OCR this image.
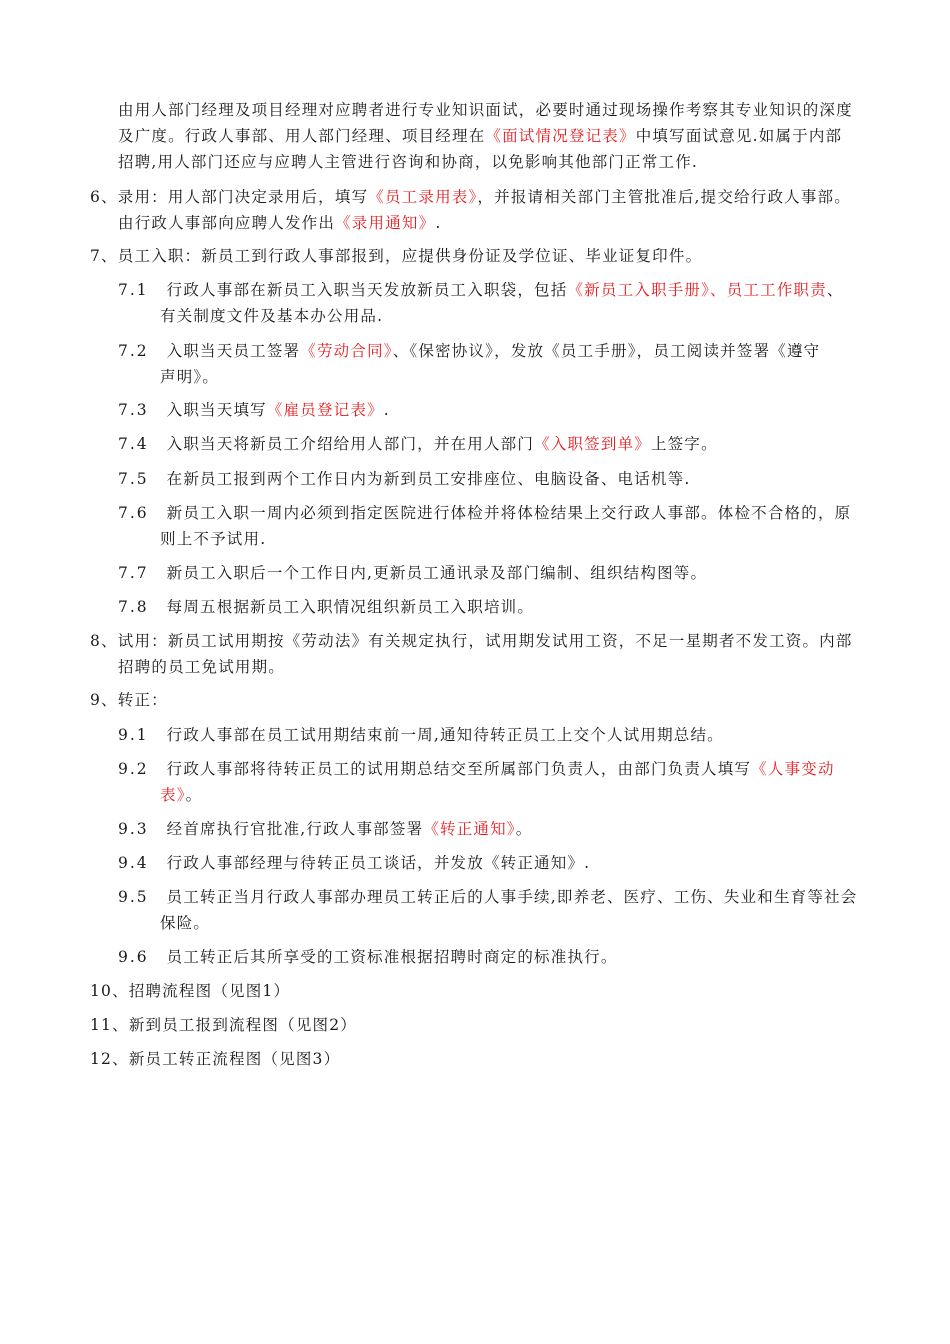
由用人部门经理及项目经理对应聘者进行专业知识面试，必要时通过现场操作考察其专业知识的深度
及广度。行政人事部、用人部门经理、项目经理在《面试情况登记表》中填写面试意见.如属于内部
招聘,用人部门还应与应聘人主管进行咨询和协商，以免影响其他部门正常工作.
6、录用：用人部门决定录用后，填写《员工录用表》，并报请相关部门主管批准后,提交给行政人事部。
由行政人事部向应聘人发作出《录用通知》.
7、员工入职：新员工到行政人事部报到，应提供身份证及学位证、毕业证复印件。
7.1 行政人事部在新员工入职当天发放新员工入职袋，包括《新员工入职手册》、员工工作职责、
有关制度文件及基本办公用品.
7.2 入职当天员工签署《劳动合同》、《保密协议》，发放《员工手册》，员工阅读并签署《遵守
声明》。
7.3 入职当天填写《雇员登记表》.
7.4 入职当天将新员工介绍给用人部门，并在用人部门《入职签到单》上签字。
7.5 在新员工报到两个工作日内为新到员工安排座位、电脑设备、电话机等.
7.6 新员工入职一周内必须到指定医院进行体检并将体检结果上交行政人事部。体检不合格的，原
则上不予试用.
7.7 新员工入职后一个工作日内,更新员工通讯录及部门编制、组织结构图等。
7.8 每周五根据新员工入职情况组织新员工入职培训。
8、试用：新员工试用期按《劳动法》有关规定执行，试用期发试用工资，不足一星期者不发工资。内部
招聘的员工免试用期。
9、转正：
9.1 行政人事部在员工试用期结束前一周,通知待转正员工上交个人试用期总结。
9.2 行政人事部将待转正员工的试用期总结交至所属部门负责人，由部门负责人填写《人事变动
表》。
9.3 经首席执行官批准,行政人事部签署《转正通知》。
9.4 行政人事部经理与待转正员工谈话，并发放《转正通知》.
9.5 员工转正当月行政人事部办理员工转正后的人事手续,即养老、医疗、工伤、失业和生育等社会
保险。
9.6 员工转正后其所享受的工资标准根据招聘时商定的标准执行。
10、招聘流程图（见图1）
11、新到员工报到流程图（见图2）
12、新员工转正流程图（见图3）
